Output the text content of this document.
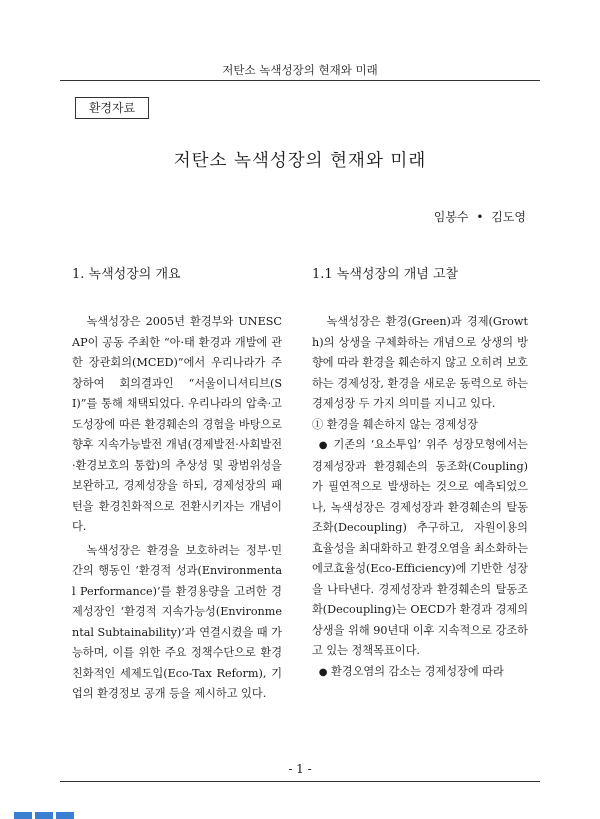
저탄소 녹색성장의 현재와 미래
환경자료
저탄소 녹색성장의 현재와 미래
임봉수 • 김도영
1. 녹색성장의 개요

녹색성장은 2005년 환경부와 UNESCAP이 공동 주최한 “아·태 환경과 개발에 관한 장관회의(MCED)”에서 우리나라가 주창하여 회의결과인 “서울이니셔티브(SI)”를 통해 채택되었다. 우리나라의 압축·고도성장에 따른 환경훼손의 경험을 바탕으로 향후 지속가능발전 개념(경제발전·사회발전·환경보호의 통합)의 추상성 및 광범위성을 보완하고, 경제성장을 하되, 경제성장의 패턴을 환경친화적으로 전환시키자는 개념이다.

녹색성장은 환경을 보호하려는 정부·민간의 행동인 ‘환경적 성과(Environmental Performance)’를 환경용량을 고려한 경제성장인 ‘환경적 지속가능성(Environmental Subtainability)’과 연결시켰을 때 가능하며, 이를 위한 주요 정책수단으로 환경친화적인 세제도입(Eco-Tax Reform), 기업의 환경정보 공개 등을 제시하고 있다.

1.1 녹색성장의 개념 고찰

녹색성장은 환경(Green)과 경제(Growth)의 상생을 구체화하는 개념으로 상생의 방향에 따라 환경을 훼손하지 않고 오히려 보호하는 경제성장, 환경을 새로운 동력으로 하는 경제성장 두 가지 의미를 지니고 있다.

① 환경을 훼손하지 않는 경제성장

● 기존의 ‘요소투입’ 위주 성장모형에서는 경제성장과 환경훼손의 동조화(Coupling)가 필연적으로 발생하는 것으로 예측되었으나, 녹색성장은 경제성장과 환경훼손의 탈동조화(Decoupling) 추구하고, 자원이용의 효율성을 최대화하고 환경오염을 최소화하는 에코효율성(Eco-Efficiency)에 기반한 성장을 나타낸다. 경제성장과 환경훼손의 탈동조화(Decoupling)는 OECD가 환경과 경제의 상생을 위해 90년대 이후 지속적으로 강조하고 있는 정책목표이다.
● 환경오염의 감소는 경제성장에 따라
- 1 -
